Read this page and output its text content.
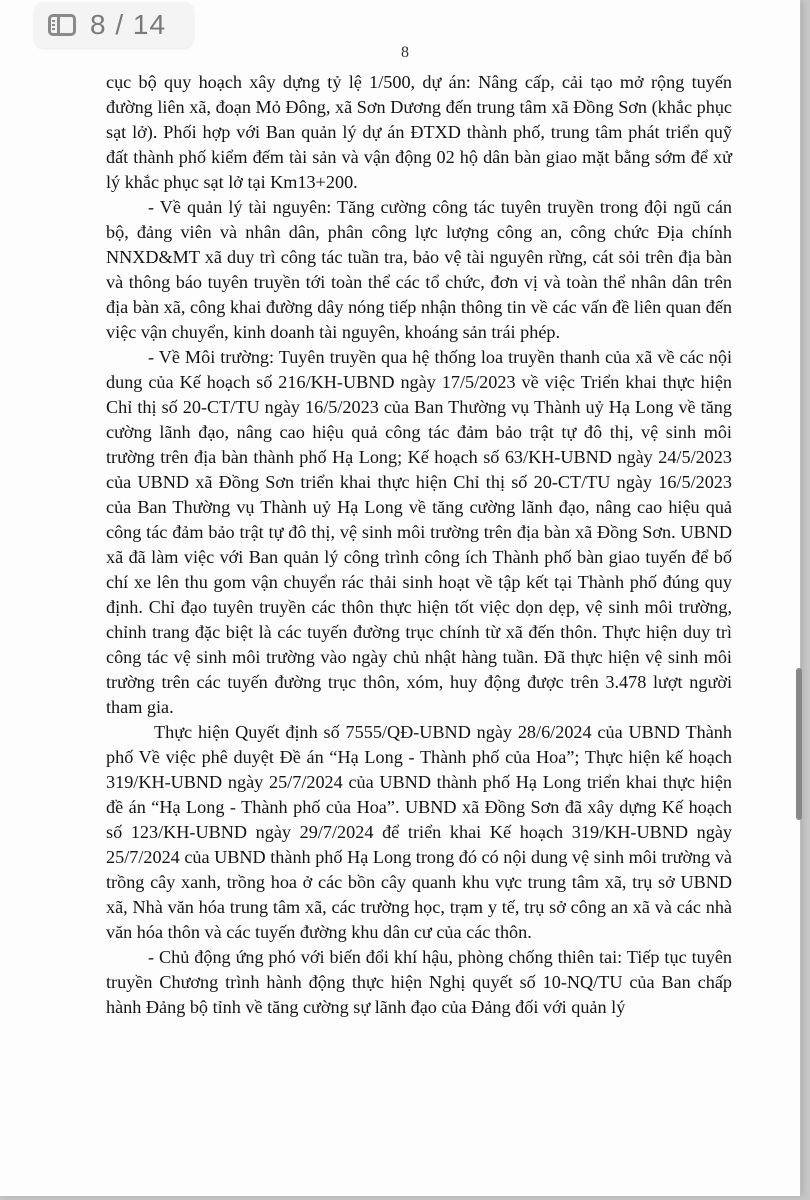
8

cục bộ quy hoạch xây dựng tỷ lệ 1/500, dự án: Nâng cấp, cải tạo mở rộng tuyến đường liên xã, đoạn Mỏ Đông, xã Sơn Dương đến trung tâm xã Đồng Sơn (khắc phục sạt lở). Phối hợp với Ban quản lý dự án ĐTXD thành phố, trung tâm phát triển quỹ đất thành phố kiểm đếm tài sản và vận động 02 hộ dân bàn giao mặt bằng sớm để xử lý khắc phục sạt lở tại Km13+200.

- Về quản lý tài nguyên: Tăng cường công tác tuyên truyền trong đội ngũ cán bộ, đảng viên và nhân dân, phân công lực lượng công an, công chức Địa chính NNXD&MT xã duy trì công tác tuần tra, bảo vệ tài nguyên rừng, cát sỏi trên địa bàn và thông báo tuyên truyền tới toàn thể các tổ chức, đơn vị và toàn thể nhân dân trên địa bàn xã, công khai đường dây nóng tiếp nhận thông tin về các vấn đề liên quan đến việc vận chuyển, kinh doanh tài nguyên, khoáng sản trái phép.

- Về Môi trường: Tuyên truyền qua hệ thống loa truyền thanh của xã về các nội dung của Kế hoạch số 216/KH-UBND ngày 17/5/2023 về việc Triển khai thực hiện Chỉ thị số 20-CT/TU ngày 16/5/2023 của Ban Thường vụ Thành uỷ Hạ Long về tăng cường lãnh đạo, nâng cao hiệu quả công tác đảm bảo trật tự đô thị, vệ sinh môi trường trên địa bàn thành phố Hạ Long; Kế hoạch số 63/KH-UBND ngày 24/5/2023 của UBND xã Đồng Sơn triển khai thực hiện Chỉ thị số 20-CT/TU ngày 16/5/2023 của Ban Thường vụ Thành uỷ Hạ Long về tăng cường lãnh đạo, nâng cao hiệu quả công tác đảm bảo trật tự đô thị, vệ sinh môi trường trên địa bàn xã Đồng Sơn. UBND xã đã làm việc với Ban quản lý công trình công ích Thành phố bàn giao tuyến để bố chí xe lên thu gom vận chuyển rác thải sinh hoạt về tập kết tại Thành phố đúng quy định. Chỉ đạo tuyên truyền các thôn thực hiện tốt việc dọn dẹp, vệ sinh môi trường, chỉnh trang đặc biệt là các tuyến đường trục chính từ xã đến thôn. Thực hiện duy trì công tác vệ sinh môi trường vào ngày chủ nhật hàng tuần. Đã thực hiện vệ sinh môi trường trên các tuyến đường trục thôn, xóm, huy động được trên 3.478 lượt người tham gia.

Thực hiện Quyết định số 7555/QĐ-UBND ngày 28/6/2024 của UBND Thành phố Về việc phê duyệt Đề án “Hạ Long - Thành phố của Hoa”; Thực hiện kế hoạch 319/KH-UBND ngày 25/7/2024 của UBND thành phố Hạ Long triển khai thực hiện đề án “Hạ Long - Thành phố của Hoa”. UBND xã Đồng Sơn đã xây dựng Kế hoạch số 123/KH-UBND ngày 29/7/2024 để triển khai Kế hoạch 319/KH-UBND ngày 25/7/2024 của UBND thành phố Hạ Long trong đó có nội dung vệ sinh môi trường và trồng cây xanh, trồng hoa ở các bồn cây quanh khu vực trung tâm xã, trụ sở UBND xã, Nhà văn hóa trung tâm xã, các trường học, trạm y tế, trụ sở công an xã và các nhà văn hóa thôn và các tuyến đường khu dân cư của các thôn.

- Chủ động ứng phó với biến đổi khí hậu, phòng chống thiên tai: Tiếp tục tuyên truyền Chương trình hành động thực hiện Nghị quyết số 10-NQ/TU của Ban chấp hành Đảng bộ tỉnh về tăng cường sự lãnh đạo của Đảng đối với quản lý

8 / 14
